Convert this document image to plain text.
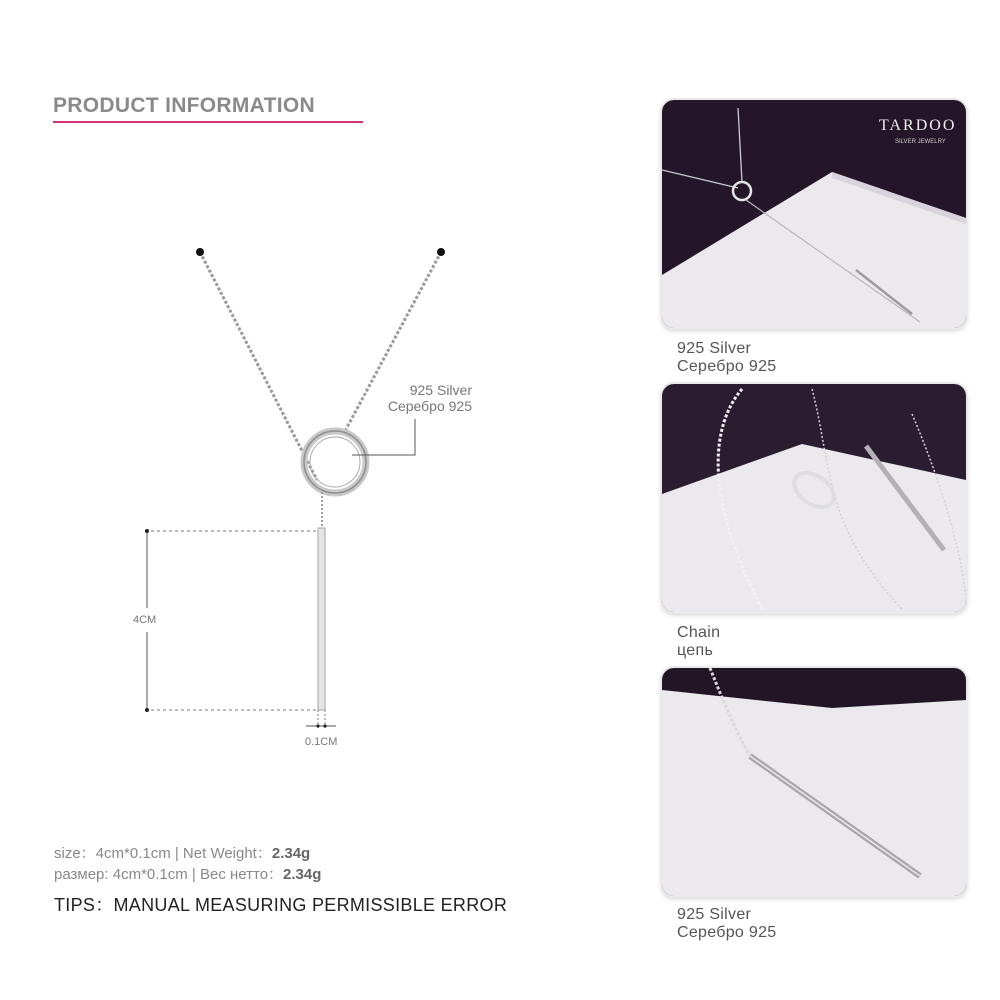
PRODUCT INFORMATION
925 Silver
Серебро 925
4CM
0.1CM
size：4cm*0.1cm | Net Weight：2.34g
размер: 4cm*0.1cm | Вес нетто：2.34g
TIPS：MANUAL MEASURING PERMISSIBLE ERROR
TARDOO
SILVER JEWELRY
925 Silver
Серебро 925
Chain
цепь
925 Silver
Серебро 925
